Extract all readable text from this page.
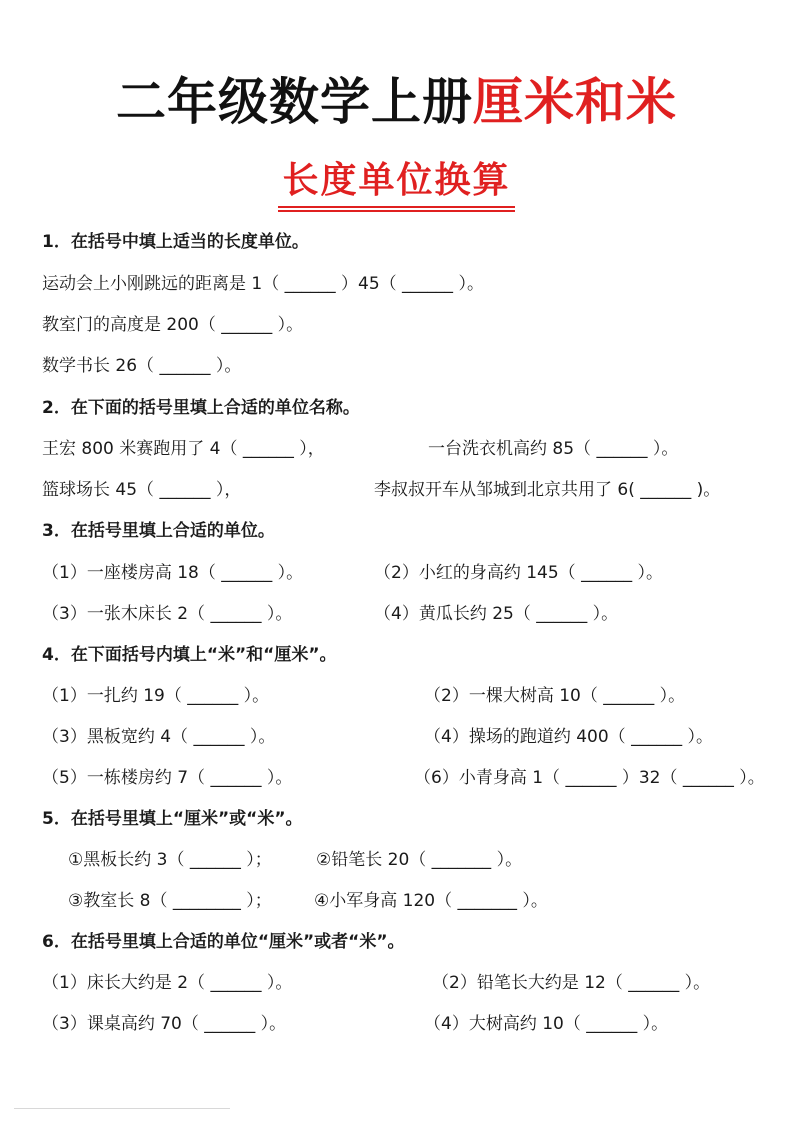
二年级数学上册厘米和米
长度单位换算
1．在括号中填上适当的长度单位。
运动会上小刚跳远的距离是 1（ ______ ）45（ ______ ）。
教室门的高度是 200（ ______ ）。
数学书长 26（ ______ ）。
2．在下面的括号里填上合适的单位名称。
王宏 800 米赛跑用了 4（ ______ ），	一台洗衣机高约 85（ ______ ）。
篮球场长 45（ ______ ），	李叔叔开车从邹城到北京共用了 6( ______ )。
3．在括号里填上合适的单位。
（1）一座楼房高 18（ ______ ）。	（2）小红的身高约 145（ ______ ）。
（3）一张木床长 2（ ______ ）。	（4）黄瓜长约 25（ ______ ）。
4．在下面括号内填上“米”和“厘米”。
（1）一扎约 19（ ______ ）。	（2）一棵大树高 10（ ______ ）。
（3）黑板宽约 4（ ______ ）。	（4）操场的跑道约 400（ ______ ）。
（5）一栋楼房约 7（ ______ ）。	（6）小青身高 1（ ______ ）32（ ______ ）。
5．在括号里填上“厘米”或“米”。
①黑板长约 3（ ______ ）；	②铅笔长 20（ _______ ）。
③教室长 8（ ________ ）； ④小军身高 120（ _______ ）。
6．在括号里填上合适的单位“厘米”或者“米”。
（1）床长大约是 2（ ______ ）。	（2）铅笔长大约是 12（ ______ ）。
（3）课桌高约 70（ ______ ）。	（4）大树高约 10（ ______ ）。
